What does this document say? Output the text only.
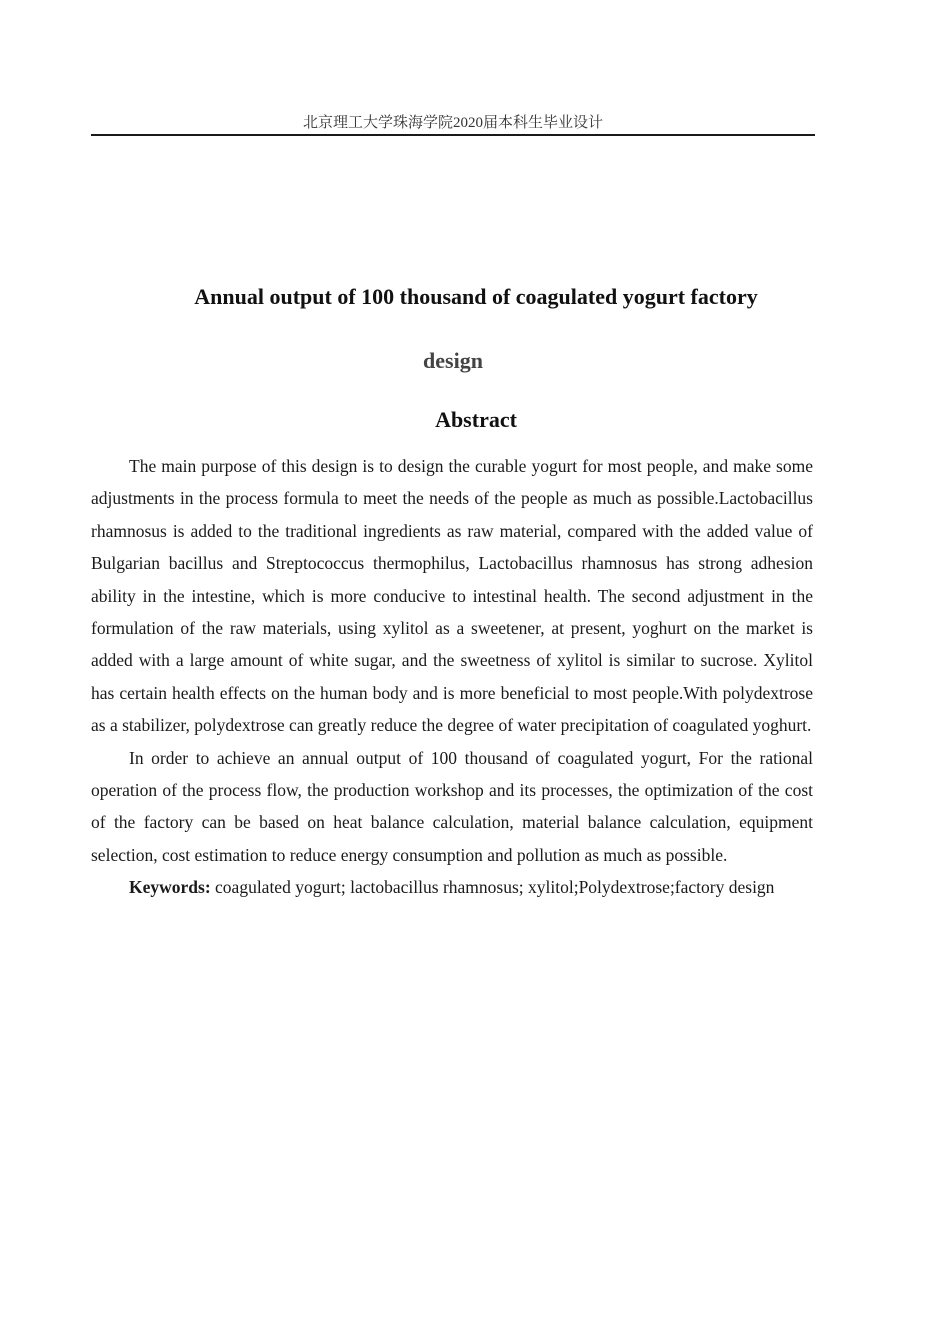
北京理工大学珠海学院2020届本科生毕业设计
Annual output of 100 thousand of coagulated yogurt factory
design
Abstract

The main purpose of this design is to design the curable yogurt for most people, and make some adjustments in the process formula to meet the needs of the people as much as possible.Lactobacillus rhamnosus is added to the traditional ingredients as raw material, compared with the added value of Bulgarian bacillus and Streptococcus thermophilus, Lactobacillus rhamnosus has strong adhesion ability in the intestine, which is more conducive to intestinal health. The second adjustment in the formulation of the raw materials, using xylitol as a sweetener, at present, yoghurt on the market is added with a large amount of white sugar, and the sweetness of xylitol is similar to sucrose. Xylitol has certain health effects on the human body and is more beneficial to most people.With polydextrose as a stabilizer, polydextrose can greatly reduce the degree of water precipitation of coagulated yoghurt.

In order to achieve an annual output of 100 thousand of coagulated yogurt, For the rational operation of the process flow, the production workshop and its processes, the optimization of the cost of the factory can be based on heat balance calculation, material balance calculation, equipment selection, cost estimation to reduce energy consumption and pollution as much as possible.

Keywords: coagulated yogurt; lactobacillus rhamnosus; xylitol;Polydextrose;factory design
